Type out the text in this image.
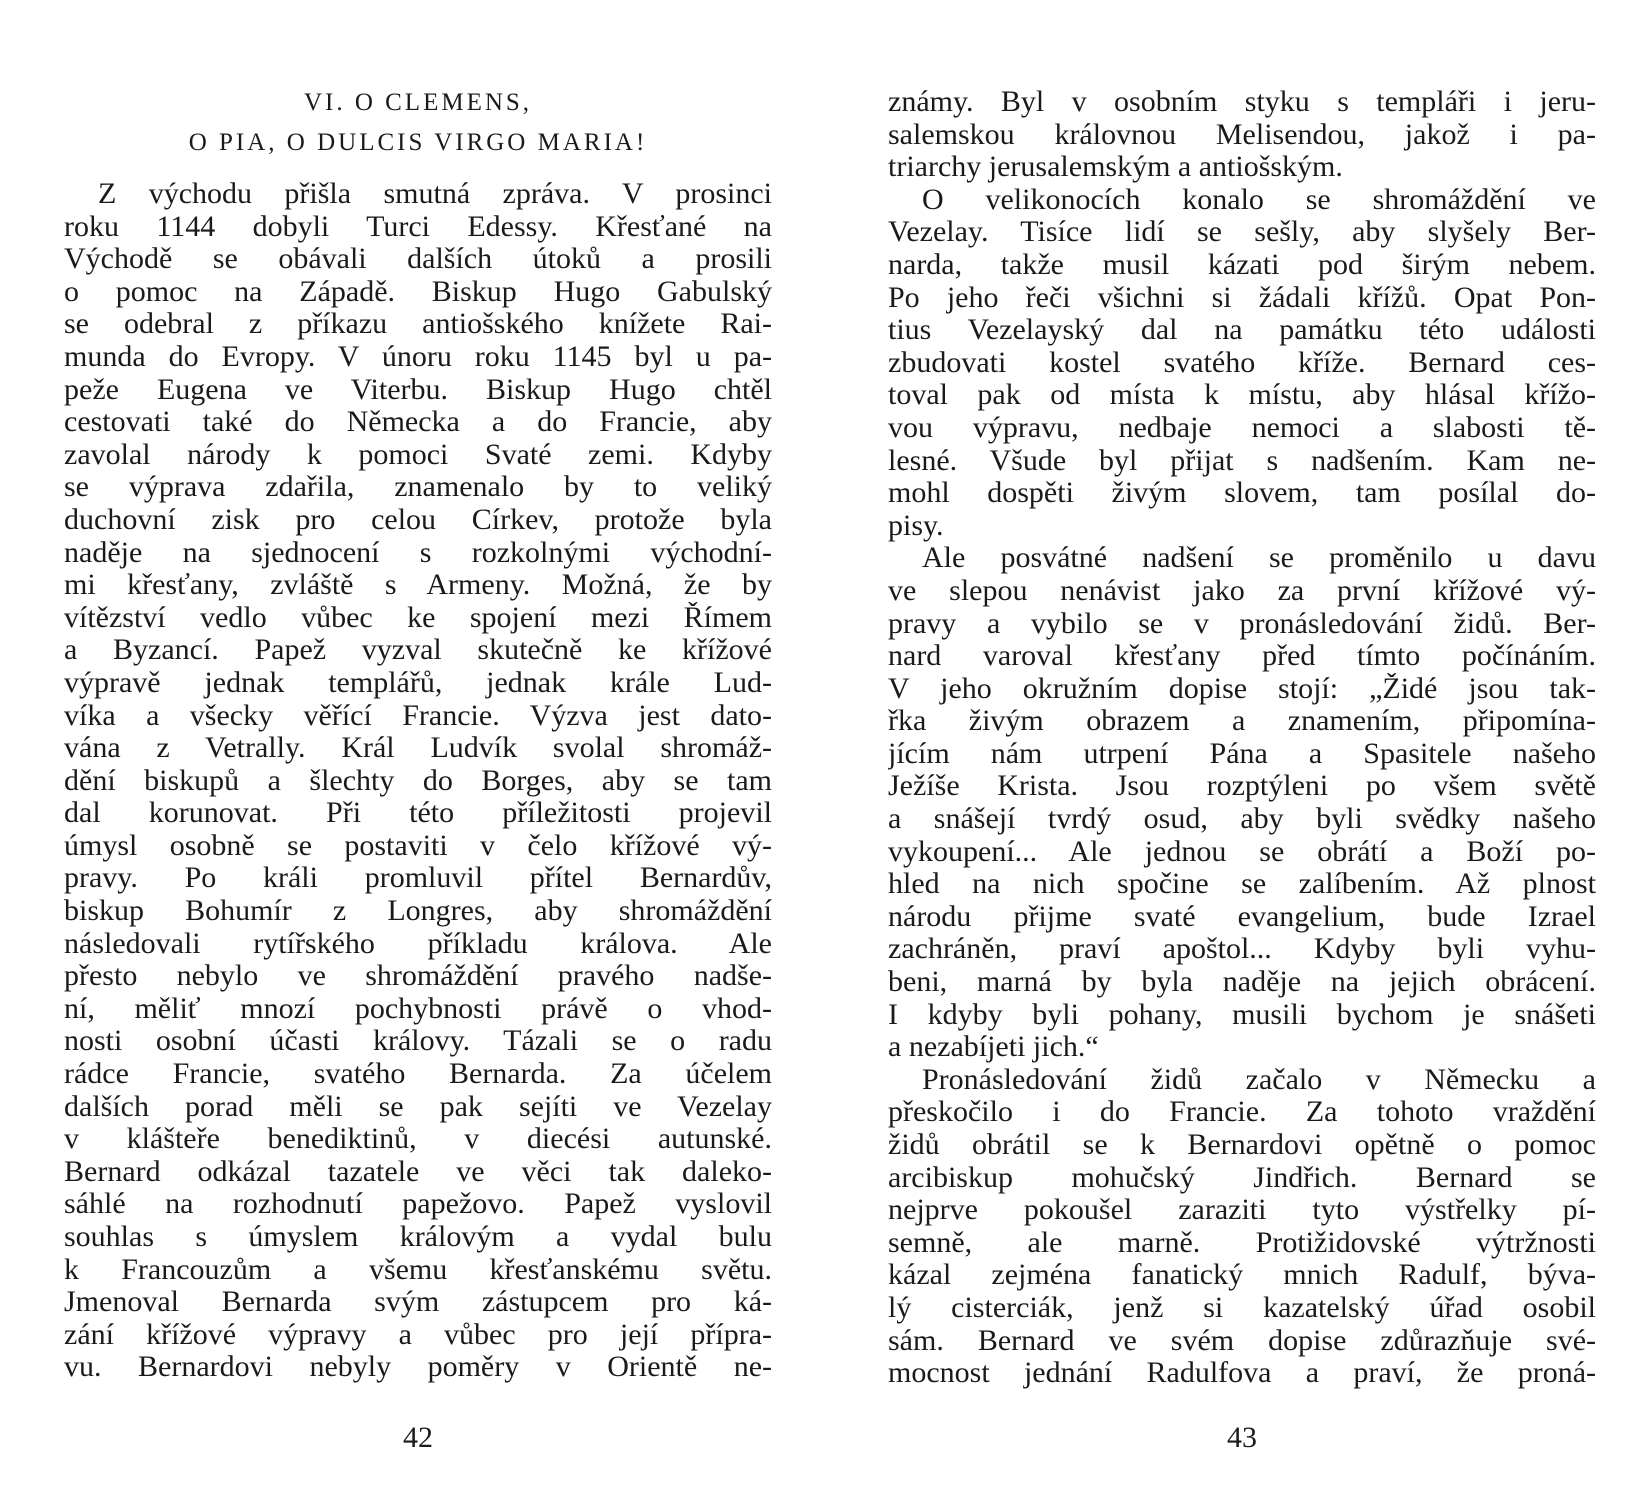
VI. O CLEMENS,
O PIA, O DULCIS VIRGO MARIA!
Z východu přišla smutná zpráva. V prosinci
roku 1144 dobyli Turci Edessy. Křesťané na
Východě se obávali dalších útoků a prosili
o pomoc na Západě. Biskup Hugo Gabulský
se odebral z příkazu antiošského knížete Rai-
munda do Evropy. V únoru roku 1145 byl u pa-
peže Eugena ve Viterbu. Biskup Hugo chtěl
cestovati také do Německa a do Francie, aby
zavolal národy k pomoci Svaté zemi. Kdyby
se výprava zdařila, znamenalo by to veliký
duchovní zisk pro celou Církev, protože byla
naděje na sjednocení s rozkolnými východní-
mi křesťany, zvláště s Armeny. Možná, že by
vítězství vedlo vůbec ke spojení mezi Římem
a Byzancí. Papež vyzval skutečně ke křížové
výpravě jednak templářů, jednak krále Lud-
víka a všecky věřící Francie. Výzva jest dato-
vána z Vetrally. Král Ludvík svolal shromáž-
dění biskupů a šlechty do Borges, aby se tam
dal korunovat. Při této příležitosti projevil
úmysl osobně se postaviti v čelo křížové vý-
pravy. Po králi promluvil přítel Bernardův,
biskup Bohumír z Longres, aby shromáždění
následovali rytířského příkladu králova. Ale
přesto nebylo ve shromáždění pravého nadše-
ní, měliť mnozí pochybnosti právě o vhod-
nosti osobní účasti královy. Tázali se o radu
rádce Francie, svatého Bernarda. Za účelem
dalších porad měli se pak sejíti ve Vezelay
v klášteře benediktinů, v diecési autunské.
Bernard odkázal tazatele ve věci tak daleko-
sáhlé na rozhodnutí papežovo. Papež vyslovil
souhlas s úmyslem královým a vydal bulu
k Francouzům a všemu křesťanskému světu.
Jmenoval Bernarda svým zástupcem pro ká-
zání křížové výpravy a vůbec pro její přípra-
vu. Bernardovi nebyly poměry v Orientě ne-
42
známy. Byl v osobním styku s templáři i jeru-
salemskou královnou Melisendou, jakož i pa-
triarchy jerusalemským a antiošským.
O velikonocích konalo se shromáždění ve
Vezelay. Tisíce lidí se sešly, aby slyšely Ber-
narda, takže musil kázati pod širým nebem.
Po jeho řeči všichni si žádali křížů. Opat Pon-
tius Vezelayský dal na památku této události
zbudovati kostel svatého kříže. Bernard ces-
toval pak od místa k místu, aby hlásal křížo-
vou výpravu, nedbaje nemoci a slabosti tě-
lesné. Všude byl přijat s nadšením. Kam ne-
mohl dospěti živým slovem, tam posílal do-
pisy.
Ale posvátné nadšení se proměnilo u davu
ve slepou nenávist jako za první křížové vý-
pravy a vybilo se v pronásledování židů. Ber-
nard varoval křesťany před tímto počínáním.
V jeho okružním dopise stojí: „Židé jsou tak-
řka živým obrazem a znamením, připomína-
jícím nám utrpení Pána a Spasitele našeho
Ježíše Krista. Jsou rozptýleni po všem světě
a snášejí tvrdý osud, aby byli svědky našeho
vykoupení... Ale jednou se obrátí a Boží po-
hled na nich spočine se zalíbením. Až plnost
národu přijme svaté evangelium, bude Izrael
zachráněn, praví apoštol... Kdyby byli vyhu-
beni, marná by byla naděje na jejich obrácení.
I kdyby byli pohany, musili bychom je snášeti
a nezabíjeti jich.“
Pronásledování židů začalo v Německu a
přeskočilo i do Francie. Za tohoto vraždění
židů obrátil se k Bernardovi opětně o pomoc
arcibiskup mohučský Jindřich. Bernard se
nejprve pokoušel zaraziti tyto výstřelky pí-
semně, ale marně. Protižidovské výtržnosti
kázal zejména fanatický mnich Radulf, býva-
lý cisterciák, jenž si kazatelský úřad osobil
sám. Bernard ve svém dopise zdůrazňuje své-
mocnost jednání Radulfova a praví, že proná-
43
